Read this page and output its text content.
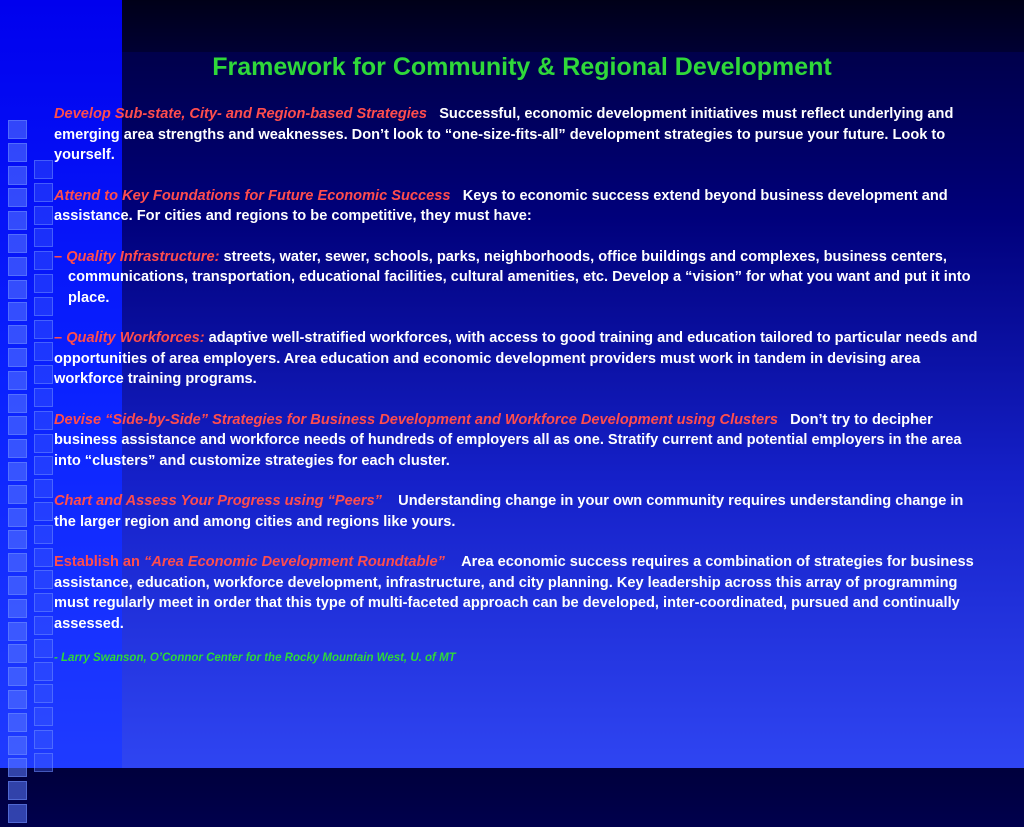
Framework for Community & Regional Development

Develop Sub-state, City- and Region-based Strategies Successful, economic development initiatives must reflect underlying and emerging area strengths and weaknesses. Don’t look to “one-size-fits-all” development strategies to pursue your future. Look to yourself.

Attend to Key Foundations for Future Economic Success Keys to economic success extend beyond business development and assistance. For cities and regions to be competitive, they must have:

– Quality Infrastructure: streets, water, sewer, schools, parks, neighborhoods, office buildings and complexes, business centers, communications, transportation, educational facilities, cultural amenities, etc. Develop a “vision” for what you want and put it into place.

– Quality Workforces: adaptive well-stratified workforces, with access to good training and education tailored to particular needs and opportunities of area employers. Area education and economic development providers must work in tandem in devising area workforce training programs.

Devise “Side-by-Side” Strategies for Business Development and Workforce Development using Clusters Don’t try to decipher business assistance and workforce needs of hundreds of employers all as one. Stratify current and potential employers in the area into “clusters” and customize strategies for each cluster.

Chart and Assess Your Progress using “Peers” Understanding change in your own community requires understanding change in the larger region and among cities and regions like yours.

Establish an “Area Economic Development Roundtable” Area economic success requires a combination of strategies for business assistance, education, workforce development, infrastructure, and city planning. Key leadership across this array of programming must regularly meet in order that this type of multi-faceted approach can be developed, inter-coordinated, pursued and continually assessed.

- Larry Swanson, O’Connor Center for the Rocky Mountain West, U. of MT
